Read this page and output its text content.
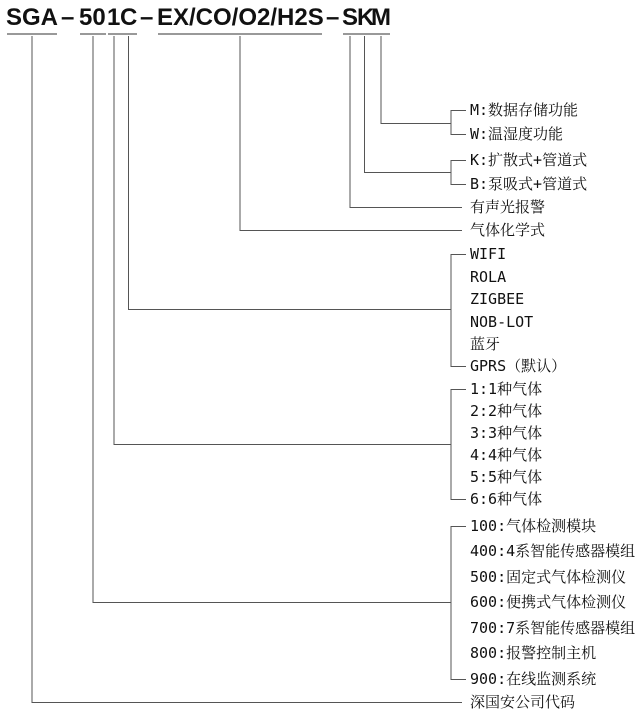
SGA – 50 1 C – EX/CO/O2/H2S – S
K
M
M:数据存储功能
W:温湿度功能
K:扩散式+管道式
B:泵吸式+管道式
有声光报警
气体化学式
WIFI
ROLA
ZIGBEE
NOB-LOT
蓝牙
GPRS（默认）
1:1种气体
2:2种气体
3:3种气体
4:4种气体
5:5种气体
6:6种气体
100:气体检测模块
400:4系智能传感器模组
500:固定式气体检测仪
600:便携式气体检测仪
700:7系智能传感器模组
800:报警控制主机
900:在线监测系统
深国安公司代码
